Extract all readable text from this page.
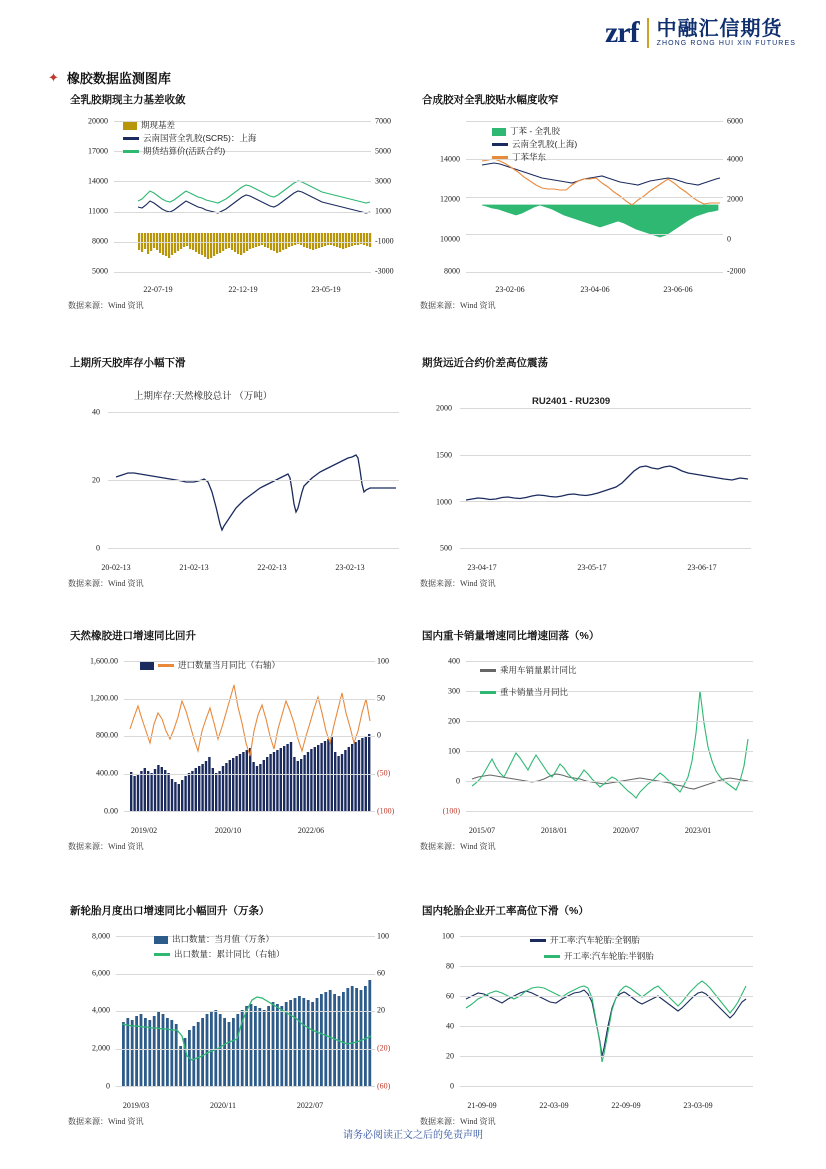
zrf 中融汇信期货
ZHONG RONG HUI XIN FUTURES
✦ 橡胶数据监测图库
全乳胶期现主力基差收敛
20000
17000
14000
11000
8000
5000
7000
5000
3000
1000
-1000
-3000
22-07-19	22-12-19	23-05-19
期现基差
云南国营全乳胶(SCR5)：上海
期货结算价(活跃合约)
数据来源：Wind 资讯
合成胶对全乳胶贴水幅度收窄
14000
12000
10000
8000
6000
4000
2000
0
-2000
23-02-06	23-04-06	23-06-06
丁苯 - 全乳胶
云南全乳胶(上海)
丁苯华东
数据来源：Wind 资讯
上期所天胶库存小幅下滑
上期库存:天然橡胶总计 （万吨）
40
20
0
20-02-13	21-02-13	22-02-13	23-02-13
数据来源：Wind 资讯
期货远近合约价差高位震荡
RU2401 - RU2309
2000
1500
1000
500
23-04-17	23-05-17	23-06-17
数据来源：Wind 资讯
天然橡胶进口增速同比回升
1,600.00
1,200.00
800.00
400.00
0.00
100
50
0
(50)
(100)
2019/02	2020/10	2022/06
进口数量当月同比（右轴）
数据来源：Wind 资讯
国内重卡销量增速同比增速回落（%）
400
300
200
100
0
(100)
2015/07	2018/01	2020/07	2023/01
乘用车销量累计同比
重卡销量当月同比
数据来源：Wind 资讯
新轮胎月度出口增速同比小幅回升（万条）
8,000
6,000
4,000
2,000
0
100
60
20
(20)
(60)
2019/03	2020/11	2022/07
出口数量：当月值（万条）
出口数量：累计同比（右轴）
数据来源：Wind 资讯
国内轮胎企业开工率高位下滑（%）
100
80
60
40
20
0
21-09-09	22-03-09	22-09-09	23-03-09
开工率:汽车轮胎:全钢胎
开工率:汽车轮胎:半钢胎
数据来源：Wind 资讯
请务必阅读正文之后的免责声明
